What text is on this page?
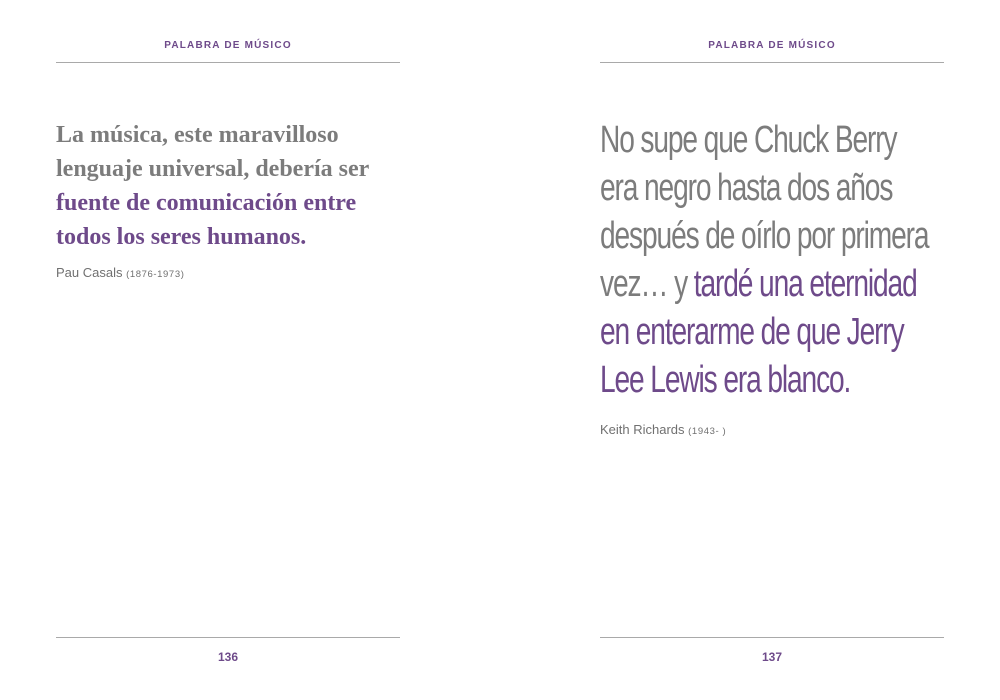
PALABRA DE MÚSICO

La música, este maravilloso lenguaje universal, debería ser fuente de comunicación entre todos los seres humanos.

Pau Casals (1876-1973)
136
PALABRA DE MÚSICO
No supe que Chuck Berry
era negro hasta dos años
después de oírlo por primera
vez… y tardé una eternidad
en enterarme de que Jerry
Lee Lewis era blanco.
Keith Richards (1943- )
137
